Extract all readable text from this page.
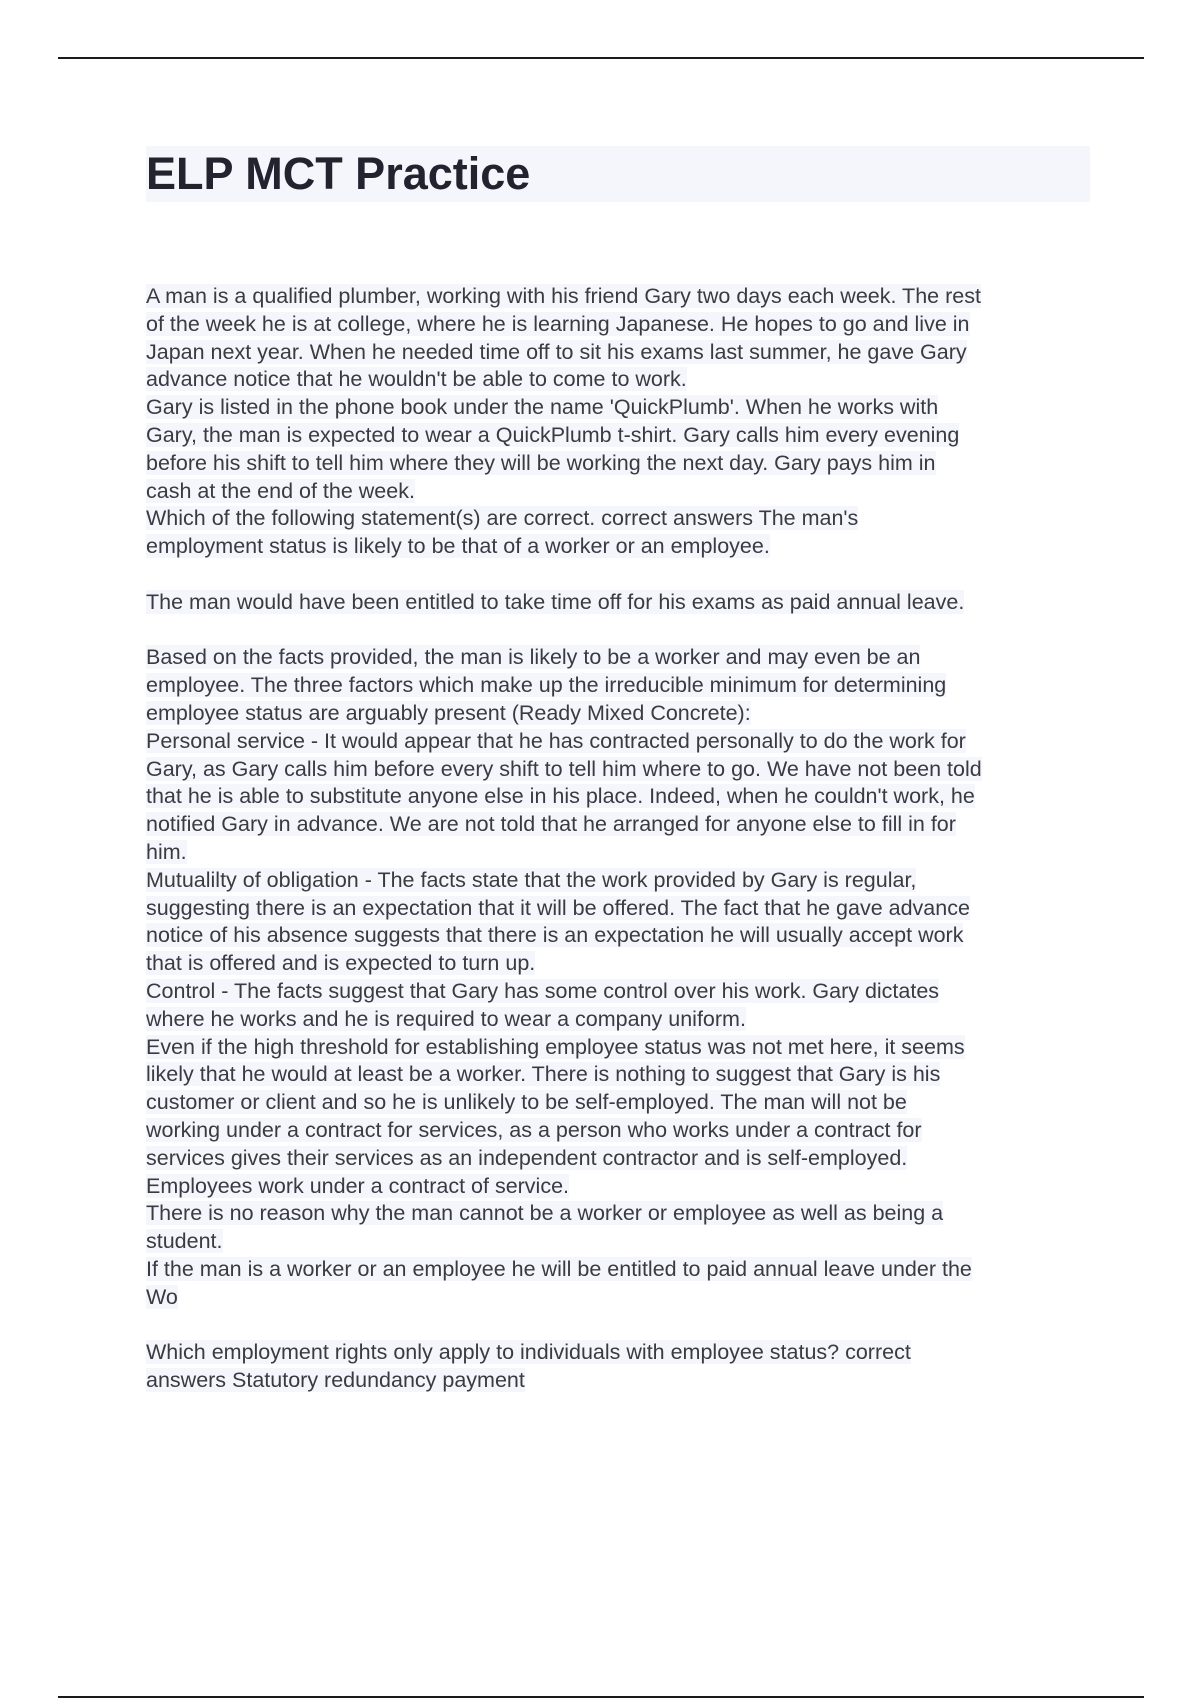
ELP MCT Practice
A man is a qualified plumber, working with his friend Gary two days each week. The rest
of the week he is at college, where he is learning Japanese. He hopes to go and live in
Japan next year. When he needed time off to sit his exams last summer, he gave Gary
advance notice that he wouldn't be able to come to work.
Gary is listed in the phone book under the name 'QuickPlumb'. When he works with
Gary, the man is expected to wear a QuickPlumb t-shirt. Gary calls him every evening
before his shift to tell him where they will be working the next day. Gary pays him in
cash at the end of the week.
Which of the following statement(s) are correct. correct answers The man's
employment status is likely to be that of a worker or an employee.
The man would have been entitled to take time off for his exams as paid annual leave.
Based on the facts provided, the man is likely to be a worker and may even be an
employee. The three factors which make up the irreducible minimum for determining
employee status are arguably present (Ready Mixed Concrete):
Personal service - It would appear that he has contracted personally to do the work for
Gary, as Gary calls him before every shift to tell him where to go. We have not been told
that he is able to substitute anyone else in his place. Indeed, when he couldn't work, he
notified Gary in advance. We are not told that he arranged for anyone else to fill in for
him.
Mutualilty of obligation - The facts state that the work provided by Gary is regular,
suggesting there is an expectation that it will be offered. The fact that he gave advance
notice of his absence suggests that there is an expectation he will usually accept work
that is offered and is expected to turn up.
Control - The facts suggest that Gary has some control over his work. Gary dictates
where he works and he is required to wear a company uniform.
Even if the high threshold for establishing employee status was not met here, it seems
likely that he would at least be a worker. There is nothing to suggest that Gary is his
customer or client and so he is unlikely to be self-employed. The man will not be
working under a contract for services, as a person who works under a contract for
services gives their services as an independent contractor and is self-employed.
Employees work under a contract of service.
There is no reason why the man cannot be a worker or employee as well as being a
student.
If the man is a worker or an employee he will be entitled to paid annual leave under the
Wo
Which employment rights only apply to individuals with employee status? correct
answers Statutory redundancy payment
